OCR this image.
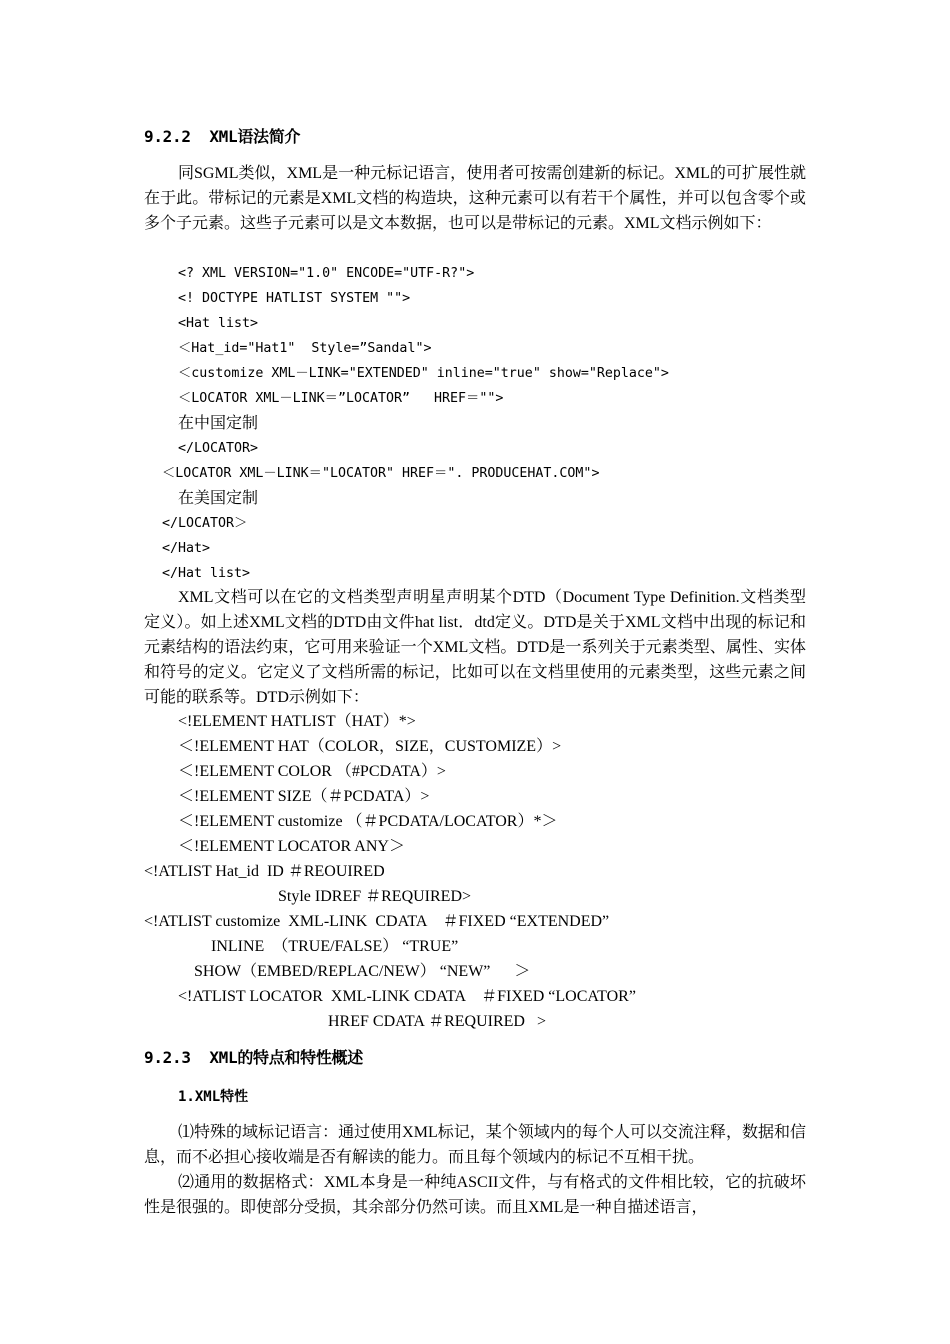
9.2.2  XML语法简介
同SGML类似，XML是一种元标记语言，使用者可按需创建新的标记。XML的可扩展性就在于此。带标记的元素是XML文档的构造块，这种元素可以有若干个属性，并可以包含零个或多个子元素。这些子元素可以是文本数据，也可以是带标记的元素。XML文档示例如下：
<? XML VERSION="1.0" ENCODE="UTF-R?">
<! DOCTYPE HATLIST SYSTEM "">
<Hat list>
＜Hat_id="Hat1"  Style=”Sandal">
＜customize XML－LINK="EXTENDED" inline="true" show="Replace">
＜LOCATOR XML－LINK＝”LOCATOR”   HREF＝"">
在中国定制
</LOCATOR>
＜LOCATOR XML－LINK＝"LOCATOR" HREF＝". PRODUCEHAT.COM">
在美国定制
</LOCATOR＞
</Hat>
</Hat list>
XML文档可以在它的文档类型声明星声明某个DTD（Document Type Definition.文档类型定义）。如上述XML文档的DTD由文件hat list．dtd定义。DTD是关于XML文档中出现的标记和元素结构的语法约束，它可用来验证一个XML文档。DTD是一系列关于元素类型、属性、实体和符号的定义。它定义了文档所需的标记，比如可以在文档里使用的元素类型，这些元素之间可能的联系等。DTD示例如下：
<!ELEMENT HATLIST（HAT）*>
＜!ELEMENT HAT（COLOR，SIZE，CUSTOMIZE）>
＜!ELEMENT COLOR （#PCDATA）>
＜!ELEMENT SIZE（＃PCDATA）>
＜!ELEMENT customize （＃PCDATA/LOCATOR）*＞
＜!ELEMENT LOCATOR ANY＞
<!ATLIST Hat_id  ID ＃REOUIRED
Style IDREF ＃REQUIRED>
<!ATLIST customize  XML-LINK  CDATA    ＃FIXED “EXTENDED”
INLINE  （TRUE/FALSE） “TRUE”
SHOW（EMBED/REPLAC/NEW） “NEW”      ＞
<!ATLIST LOCATOR  XML-LINK CDATA    ＃FIXED “LOCATOR”
HREF CDATA ＃REQUIRED   >
9.2.3  XML的特点和特性概述
1.XML特性
⑴特殊的域标记语言：通过使用XML标记，某个领域内的每个人可以交流注释，数据和信息，而不必担心接收端是否有解读的能力。而且每个领域内的标记不互相干扰。
⑵通用的数据格式：XML本身是一种纯ASCII文件，与有格式的文件相比较，它的抗破坏性是很强的。即使部分受损，其余部分仍然可读。而且XML是一种自描述语言，
